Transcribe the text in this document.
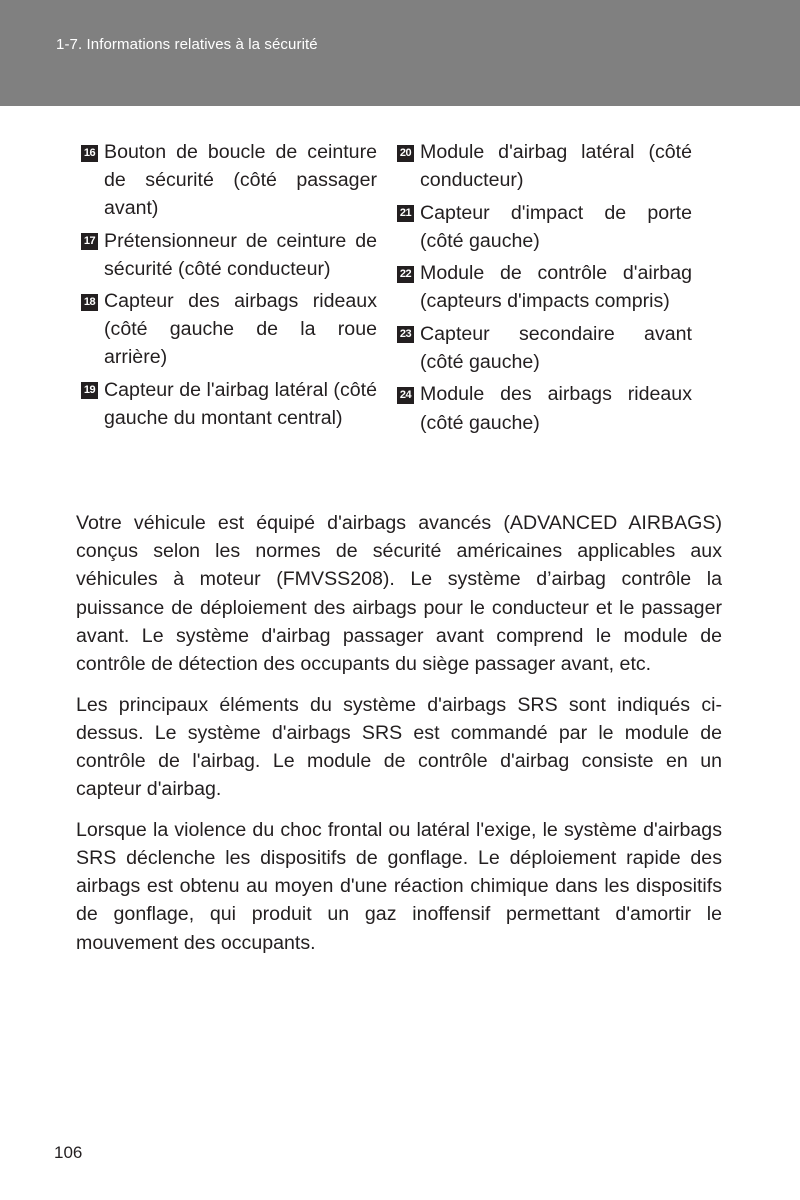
1-7. Informations relatives à la sécurité
16 Bouton de boucle de ceinture de sécurité (côté passager avant)
17 Prétensionneur de ceinture de sécurité (côté conducteur)
18 Capteur des airbags rideaux (côté gauche de la roue arrière)
19 Capteur de l'airbag latéral (côté gauche du montant central)
20 Module d'airbag latéral (côté conducteur)
21 Capteur d'impact de porte (côté gauche)
22 Module de contrôle d'airbag (capteurs d'impacts compris)
23 Capteur secondaire avant (côté gauche)
24 Module des airbags rideaux (côté gauche)

Votre véhicule est équipé d'airbags avancés (ADVANCED AIRBAGS) conçus selon les normes de sécurité américaines applicables aux véhicules à moteur (FMVSS208). Le système d’airbag contrôle la puissance de déploiement des airbags pour le conducteur et le passager avant. Le système d'airbag passager avant comprend le module de contrôle de détection des occupants du siège passager avant, etc.

Les principaux éléments du système d'airbags SRS sont indiqués ci-dessus. Le système d'airbags SRS est commandé par le module de contrôle de l'airbag. Le module de contrôle d'airbag consiste en un capteur d'airbag.

Lorsque la violence du choc frontal ou latéral l'exige, le système d'airbags SRS déclenche les dispositifs de gonflage. Le déploiement rapide des airbags est obtenu au moyen d'une réaction chimique dans les dispositifs de gonflage, qui produit un gaz inoffensif permettant d'amortir le mouvement des occupants.

106
